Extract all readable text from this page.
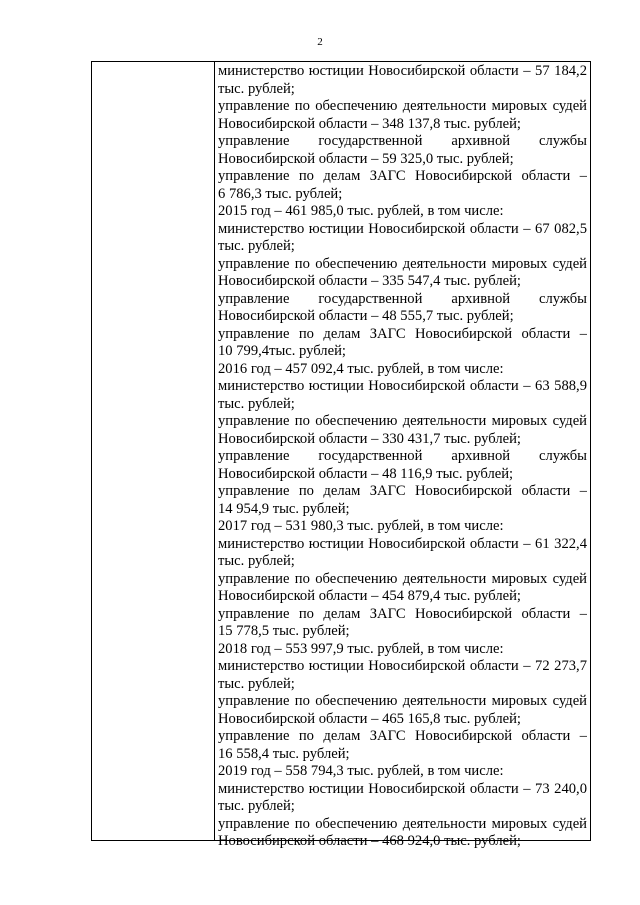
2
министерство юстиции Новосибирской области – 57 184,2
тыс. рублей;
управление по обеспечению деятельности мировых судей
Новосибирской области – 348 137,8 тыс. рублей;
управление государственной архивной службы
Новосибирской области – 59 325,0 тыс. рублей;
управление по делам ЗАГС Новосибирской области –
6 786,3 тыс. рублей;
2015 год – 461 985,0 тыс. рублей, в том числе:
министерство юстиции Новосибирской области – 67 082,5
тыс. рублей;
управление по обеспечению деятельности мировых судей
Новосибирской области – 335 547,4 тыс. рублей;
управление государственной архивной службы
Новосибирской области – 48 555,7 тыс. рублей;
управление по делам ЗАГС Новосибирской области –
10 799,4тыс. рублей;
2016 год – 457 092,4 тыс. рублей, в том числе:
министерство юстиции Новосибирской области – 63 588,9
тыс. рублей;
управление по обеспечению деятельности мировых судей
Новосибирской области – 330 431,7 тыс. рублей;
управление государственной архивной службы
Новосибирской области – 48 116,9 тыс. рублей;
управление по делам ЗАГС Новосибирской области –
14 954,9 тыс. рублей;
2017 год – 531 980,3 тыс. рублей, в том числе:
министерство юстиции Новосибирской области – 61 322,4
тыс. рублей;
управление по обеспечению деятельности мировых судей
Новосибирской области – 454 879,4 тыс. рублей;
управление по делам ЗАГС Новосибирской области –
15 778,5 тыс. рублей;
2018 год – 553 997,9 тыс. рублей, в том числе:
министерство юстиции Новосибирской области – 72 273,7
тыс. рублей;
управление по обеспечению деятельности мировых судей
Новосибирской области – 465 165,8 тыс. рублей;
управление по делам ЗАГС Новосибирской области –
16 558,4 тыс. рублей;
2019 год – 558 794,3 тыс. рублей, в том числе:
министерство юстиции Новосибирской области – 73 240,0
тыс. рублей;
управление по обеспечению деятельности мировых судей
Новосибирской области – 468 924,0 тыс. рублей;
